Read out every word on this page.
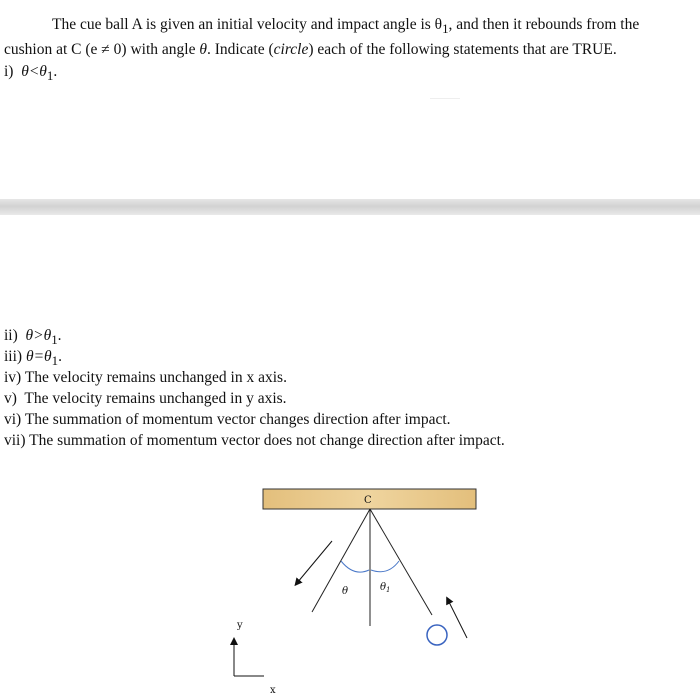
The cue ball A is given an initial velocity and impact angle is $\theta_1$, and then it rebounds from the
cushion at C (e ≠ 0) with angle θ. Indicate (circle) each of the following statements that are TRUE.
i) $\theta<\theta_1$.
ii) $\theta>\theta_1$.
iii) $\theta=\theta_1$.
iv) The velocity remains unchanged in x axis.
v) The velocity remains unchanged in y axis.
vi) The summation of momentum vector changes direction after impact.
vii) The summation of momentum vector does not change direction after impact.
C
θ	$\theta_1$
y
x
